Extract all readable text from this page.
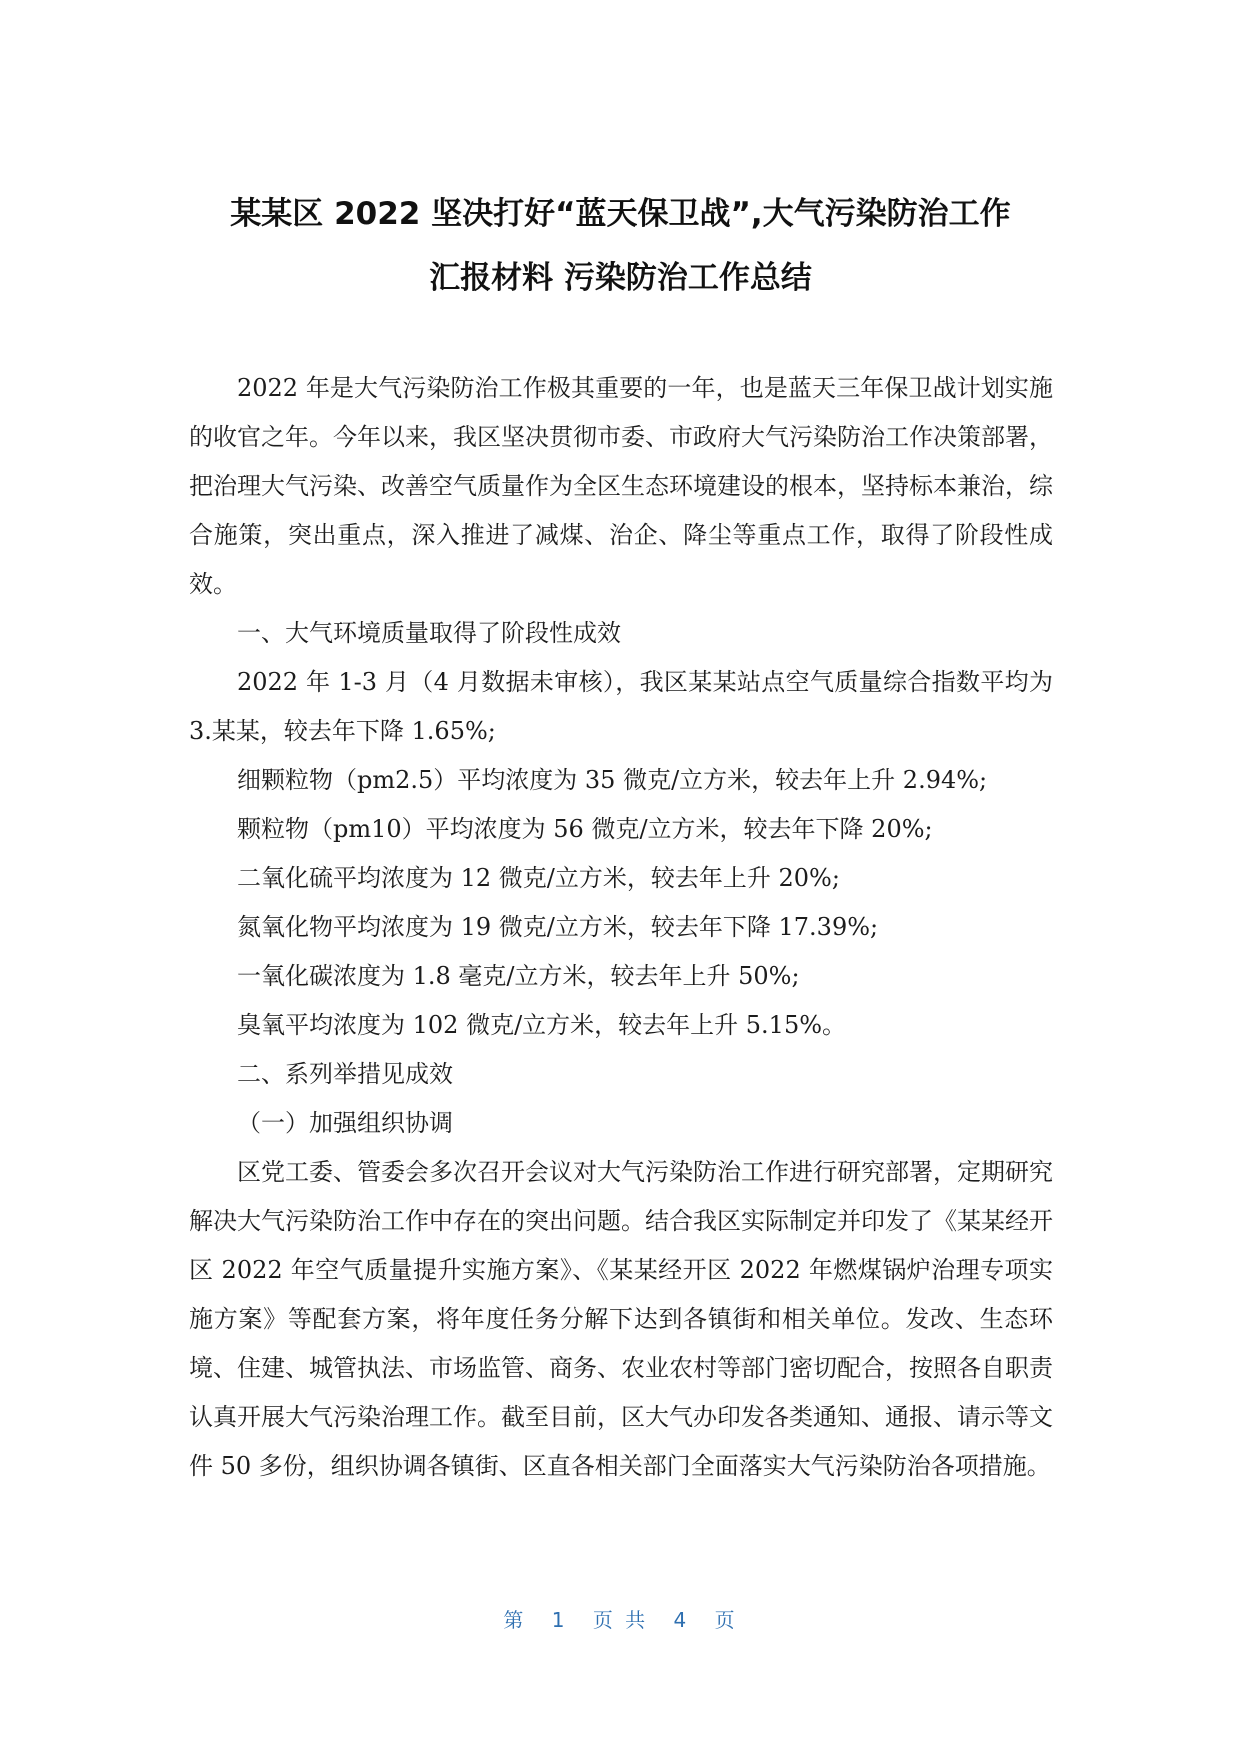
某某区 2022 坚决打好“蓝天保卫战”,大气污染防治工作
汇报材料 污染防治工作总结

2022 年是大气污染防治工作极其重要的一年，也是蓝天三年保卫战计划实施的收官之年。今年以来，我区坚决贯彻市委、市政府大气污染防治工作决策部署，把治理大气污染、改善空气质量作为全区生态环境建设的根本，坚持标本兼治，综合施策，突出重点，深入推进了减煤、治企、降尘等重点工作，取得了阶段性成效。

一、大气环境质量取得了阶段性成效

2022 年 1-3 月（4 月数据未审核），我区某某站点空气质量综合指数平均为 3.某某，较去年下降 1.65%;

细颗粒物（pm2.5）平均浓度为 35 微克/立方米，较去年上升 2.94%;

颗粒物（pm10）平均浓度为 56 微克/立方米，较去年下降 20%;

二氧化硫平均浓度为 12 微克/立方米，较去年上升 20%;

氮氧化物平均浓度为 19 微克/立方米，较去年下降 17.39%;

一氧化碳浓度为 1.8 毫克/立方米，较去年上升 50%;

臭氧平均浓度为 102 微克/立方米，较去年上升 5.15%。

二、系列举措见成效

（一）加强组织协调

区党工委、管委会多次召开会议对大气污染防治工作进行研究部署，定期研究解决大气污染防治工作中存在的突出问题。结合我区实际制定并印发了《某某经开区 2022 年空气质量提升实施方案》、《某某经开区 2022 年燃煤锅炉治理专项实施方案》等配套方案，将年度任务分解下达到各镇街和相关单位。发改、生态环境、住建、城管执法、市场监管、商务、农业农村等部门密切配合，按照各自职责认真开展大气污染治理工作。截至目前，区大气办印发各类通知、通报、请示等文件 50 多份，组织协调各镇街、区直各相关部门全面落实大气污染防治各项措施。

第 1 页 共 4 页
